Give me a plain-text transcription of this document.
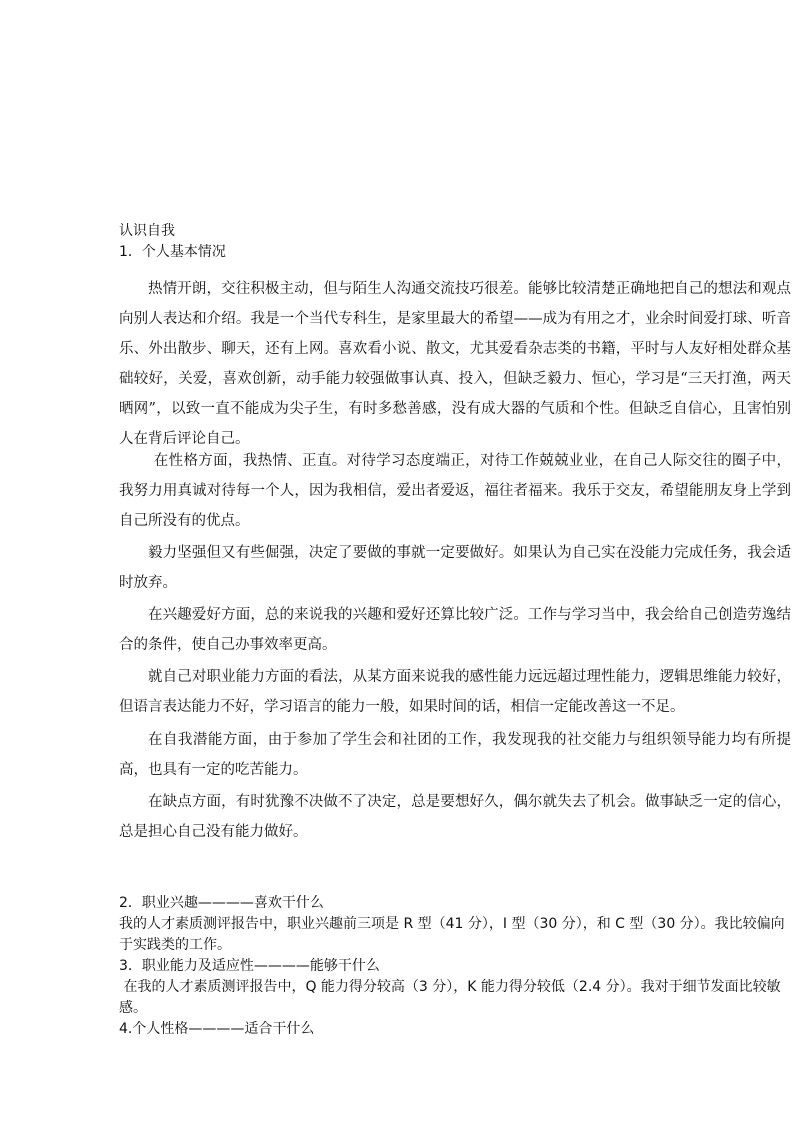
认识自我
1．个人基本情况

热情开朗，交往积极主动，但与陌生人沟通交流技巧很差。能够比较清楚正确地把自己的想法和观点向别人表达和介绍。我是一个当代专科生，是家里最大的希望——成为有用之才，业余时间爱打球、听音乐、外出散步、聊天，还有上网。喜欢看小说、散文，尤其爱看杂志类的书籍，平时与人友好相处群众基础较好，关爱，喜欢创新，动手能力较强做事认真、投入，但缺乏毅力、恒心，学习是“三天打渔，两天晒网”，以致一直不能成为尖子生，有时多愁善感，没有成大器的气质和个性。但缺乏自信心，且害怕别人在背后评论自己。

在性格方面，我热情、正直。对待学习态度端正，对待工作兢兢业业，在自己人际交往的圈子中，我努力用真诚对待每一个人，因为我相信，爱出者爱返，福往者福来。我乐于交友，希望能朋友身上学到自己所没有的优点。

毅力坚强但又有些倔强，决定了要做的事就一定要做好。如果认为自己实在没能力完成任务，我会适时放弃。

在兴趣爱好方面，总的来说我的兴趣和爱好还算比较广泛。工作与学习当中，我会给自己创造劳逸结合的条件，使自己办事效率更高。

就自己对职业能力方面的看法，从某方面来说我的感性能力远远超过理性能力，逻辑思维能力较好，但语言表达能力不好，学习语言的能力一般，如果时间的话，相信一定能改善这一不足。

在自我潜能方面，由于参加了学生会和社团的工作，我发现我的社交能力与组织领导能力均有所提高，也具有一定的吃苦能力。

在缺点方面，有时犹豫不决做不了决定，总是要想好久，偶尔就失去了机会。做事缺乏一定的信心，总是担心自己没有能力做好。

2．职业兴趣————喜欢干什么
我的人才素质测评报告中，职业兴趣前三项是 R 型（41 分），I 型（30 分），和 C 型（30 分）。我比较偏向于实践类的工作。
3．职业能力及适应性————能够干什么
在我的人才素质测评报告中，Q 能力得分较高（3 分），K 能力得分较低（2.4 分）。我对于细节发面比较敏感。
4.个人性格————适合干什么
